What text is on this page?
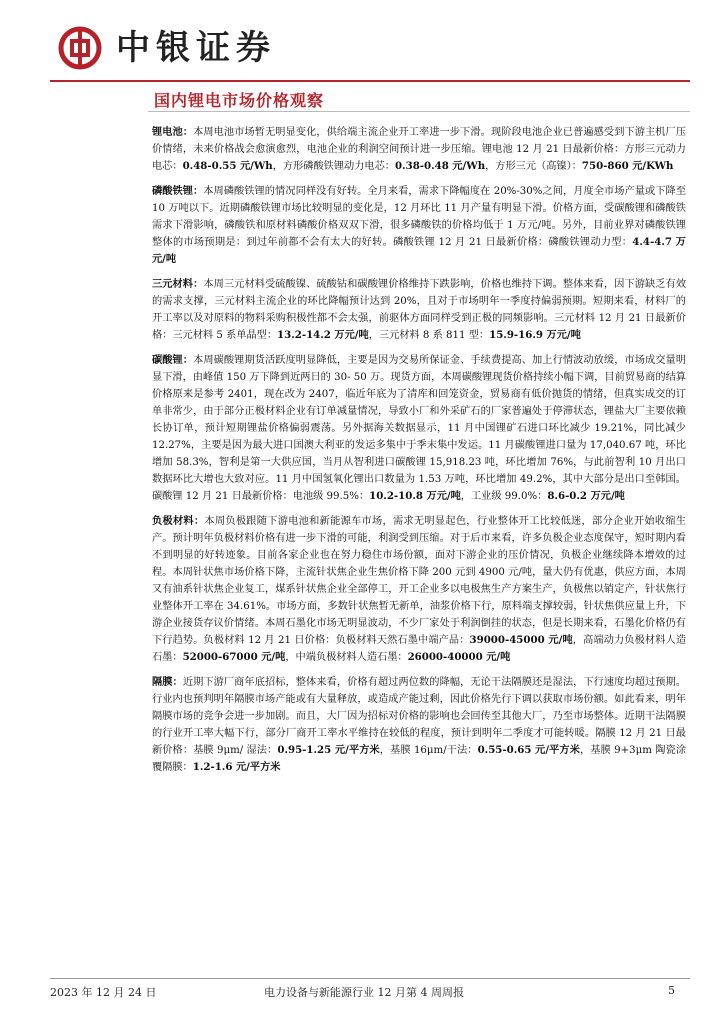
中银证券
国内锂电市场价格观察

锂电池：本周电池市场暂无明显变化，供给端主流企业开工率进一步下滑。现阶段电池企业已普遍感受到下游主机厂压价情绪，未来价格战会愈演愈烈，电池企业的利润空间预计进一步压缩。锂电池 12 月 21 日最新价格：方形三元动力电芯：0.48-0.55 元/Wh，方形磷酸铁锂动力电芯：0.38-0.48 元/Wh，方形三元（高镍）：750-860 元/KWh

磷酸铁锂：本周磷酸铁锂的情况同样没有好转。全月来看，需求下降幅度在 20%-30%之间，月度全市场产量或下降至 10 万吨以下。近期磷酸铁锂市场比较明显的变化是，12 月环比 11 月产量有明显下滑。价格方面，受碳酸锂和磷酸铁需求下滑影响，磷酸铁和原材料磷酸价格双双下滑，很多磷酸铁的价格均低于 1 万元/吨。另外，目前业界对磷酸铁锂整体的市场预期是：到过年前都不会有太大的好转。磷酸铁锂 12 月 21 日最新价格：磷酸铁锂动力型：4.4-4.7 万元/吨

三元材料：本周三元材料受硫酸镍、硫酸钴和碳酸锂价格维持下跌影响，价格也维持下调。整体来看，因下游缺乏有效的需求支撑，三元材料主流企业的环比降幅预计达到 20%，且对于市场明年一季度持偏弱预期。短期来看，材料厂的开工率以及对原料的物料采购积极性都不会太强，前驱体方面同样受到正极的同频影响。三元材料 12 月 21 日最新价格：三元材料 5 系单晶型：13.2-14.2 万元/吨，三元材料 8 系 811 型：15.9-16.9 万元/吨

碳酸锂：本周碳酸锂期货活跃度明显降低，主要是因为交易所保证金、手续费提高、加上行情波动放缓，市场成交量明显下滑，由峰值 150 万下降到近两日的 30- 50 万。现货方面，本周碳酸锂现货价格持续小幅下调，目前贸易商的结算价格原来是参考 2401，现在改为 2407，临近年底为了清库和回笼资金，贸易商有低价抛货的情绪，但真实成交的订单非常少，由于部分正极材料企业有订单减量情况，导致小厂和外采矿石的厂家普遍处于停滞状态，锂盐大厂主要依赖长协订单，预计短期锂盐价格偏弱震荡。另外据海关数据显示，11 月中国锂矿石进口环比减少 19.21%，同比减少 12.27%，主要是因为最大进口国澳大利亚的发运多集中于季末集中发运。11 月碳酸锂进口量为 17,040.67 吨，环比增加 58.3%，智利是第一大供应国，当月从智利进口碳酸锂 15,918.23 吨，环比增加 76%，与此前智利 10 月出口数据环比大增也大致对应。11 月中国氢氧化锂出口数量为 1.53 万吨，环比增加 49.2%，其中大部分是出口至韩国。碳酸锂 12 月 21 日最新价格：电池级 99.5%：10.2-10.8 万元/吨，工业级 99.0%：8.6-0.2 万元/吨

负极材料：本周负极跟随下游电池和新能源车市场，需求无明显起色，行业整体开工比较低迷，部分企业开始收缩生产。预计明年负极材料价格有进一步下滑的可能，利润受到压缩。对于后市来看，许多负极企业态度保守，短时期内看不到明显的好转迹象。目前各家企业也在努力稳住市场份额，面对下游企业的压价情况，负极企业继续降本增效的过程。本周针状焦市场价格下降，主流针状焦企业生焦价格下降 200 元到 4900 元/吨，量大仍有优惠，供应方面，本周又有油系针状焦企业复工，煤系针状焦企业全部停工，开工企业多以电极焦生产方案生产，负极焦以销定产，针状焦行业整体开工率在 34.61%。市场方面，多数针状焦暂无新单，油浆价格下行，原料端支撑较弱，针状焦供应量上升，下游企业接货存议价情绪。本周石墨化市场无明显波动，不少厂家处于利润倒挂的状态，但是长期来看，石墨化价格仍有下行趋势。负极材料 12 月 21 日价格：负极材料天然石墨中端产品：39000-45000 元/吨，高端动力负极材料人造石墨：52000-67000 元/吨，中端负极材料人造石墨：26000-40000 元/吨

隔膜：近期下游厂商年底招标，整体来看，价格有超过两位数的降幅，无论干法隔膜还是湿法，下行速度均超过预期。行业内也预判明年隔膜市场产能或有大量释放，或造成产能过剩，因此价格先行下调以获取市场份额。如此看来，明年隔膜市场的竞争会进一步加剧。而且，大厂因为招标对价格的影响也会回传至其他大厂，乃至市场整体。近期干法隔膜的行业开工率大幅下行，部分厂商开工率水平维持在较低的程度，预计到明年二季度才可能转暖。隔膜 12 月 21 日最新价格：基膜 9μm/ 湿法：0.95-1.25 元/平方米，基膜 16μm/干法：0.55-0.65 元/平方米，基膜 9+3μm 陶瓷涂覆隔膜：1.2-1.6 元/平方米

2023 年 12 月 24 日	电力设备与新能源行业 12 月第 4 周周报	5
